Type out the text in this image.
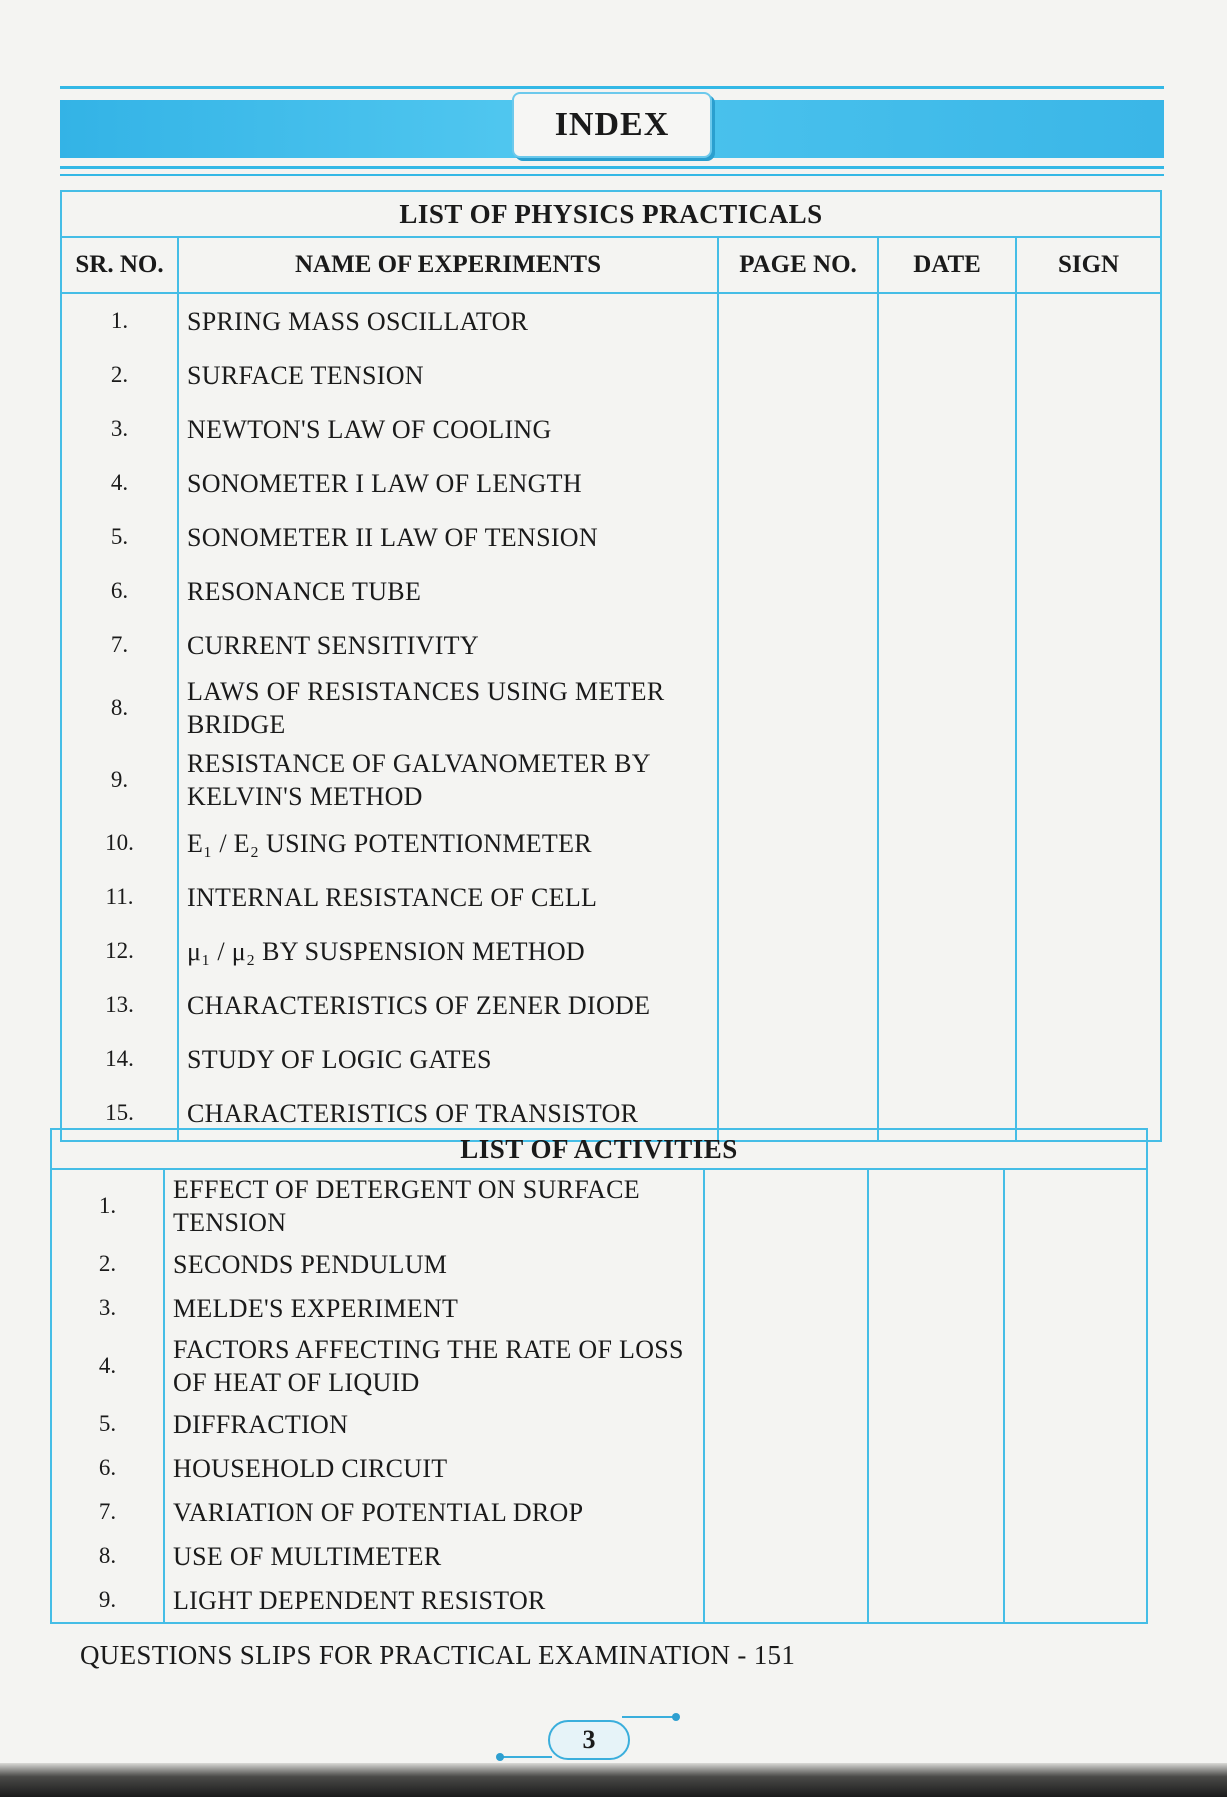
INDEX
LIST OF PHYSICS PRACTICALS				
SR. NO.	NAME OF EXPERIMENTS	PAGE NO.	DATE	SIGN
1.	SPRING MASS OSCILLATOR			
2.	SURFACE TENSION			
3.	NEWTON'S LAW OF COOLING			
4.	SONOMETER I LAW OF LENGTH			
5.	SONOMETER II LAW OF TENSION			
6.	RESONANCE TUBE			
7.	CURRENT SENSITIVITY			
8.	LAWS OF RESISTANCES USING METER BRIDGE			
9.	RESISTANCE OF GALVANOMETER BY KELVIN'S METHOD			
10.	E₁ / E₂ USING POTENTIONMETER			
11.	INTERNAL RESISTANCE OF CELL			
12.	μ₁ / μ₂ BY SUSPENSION METHOD			
13.	CHARACTERISTICS OF ZENER DIODE			
14.	STUDY OF LOGIC GATES			
15.	CHARACTERISTICS OF TRANSISTOR			
LIST OF ACTIVITIES				
1.	EFFECT OF DETERGENT ON SURFACE TENSION			
2.	SECONDS PENDULUM			
3.	MELDE'S EXPERIMENT			
4.	FACTORS AFFECTING THE RATE OF LOSS OF HEAT OF LIQUID			
5.	DIFFRACTION			
6.	HOUSEHOLD CIRCUIT			
7.	VARIATION OF POTENTIAL DROP			
8.	USE OF MULTIMETER			
9.	LIGHT DEPENDENT RESISTOR			
QUESTIONS SLIPS FOR PRACTICAL EXAMINATION - 151
3
